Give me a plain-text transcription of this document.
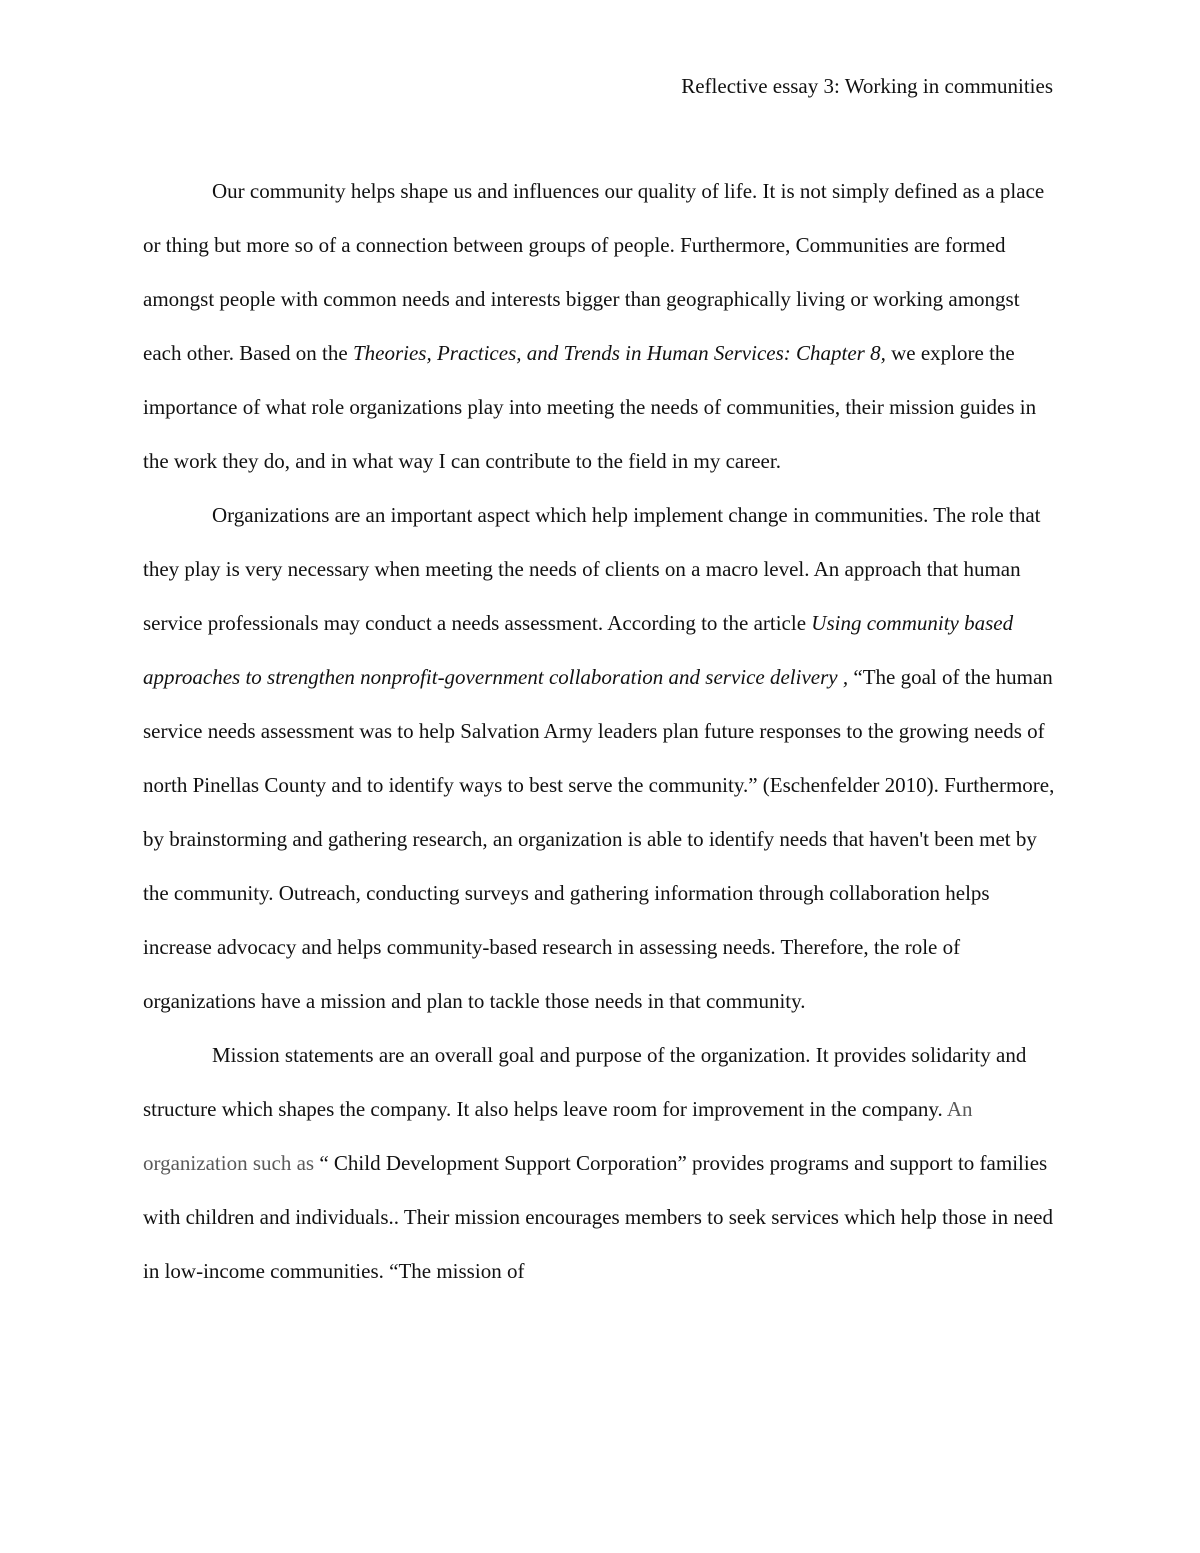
Reflective essay 3: Working in communities

Our community helps shape us and influences our quality of life. It is not simply defined as a place or thing but more so of a connection between groups of people. Furthermore, Communities are formed amongst people with common needs and interests bigger than geographically living or working amongst each other. Based on the Theories, Practices, and Trends in Human Services: Chapter 8, we explore the importance of what role organizations play into meeting the needs of communities, their mission guides in the work they do, and in what way I can contribute to the field in my career.

Organizations are an important aspect which help implement change in communities. The role that they play is very necessary when meeting the needs of clients on a macro level. An approach that human service professionals may conduct a needs assessment. According to the article Using community based approaches to strengthen nonprofit-government collaboration and service delivery , “The goal of the human service needs assessment was to help Salvation Army leaders plan future responses to the growing needs of north Pinellas County and to identify ways to best serve the community.” (Eschenfelder 2010). Furthermore, by brainstorming and gathering research, an organization is able to identify needs that haven't been met by the community. Outreach, conducting surveys and gathering information through collaboration helps increase advocacy and helps community-based research in assessing needs. Therefore, the role of organizations have a mission and plan to tackle those needs in that community.

Mission statements are an overall goal and purpose of the organization. It provides solidarity and structure which shapes the company. It also helps leave room for improvement in the company. An organization such as “ Child Development Support Corporation” provides programs and support to families with children and individuals.. Their mission encourages members to seek services which help those in need in low-income communities. “The mission of
